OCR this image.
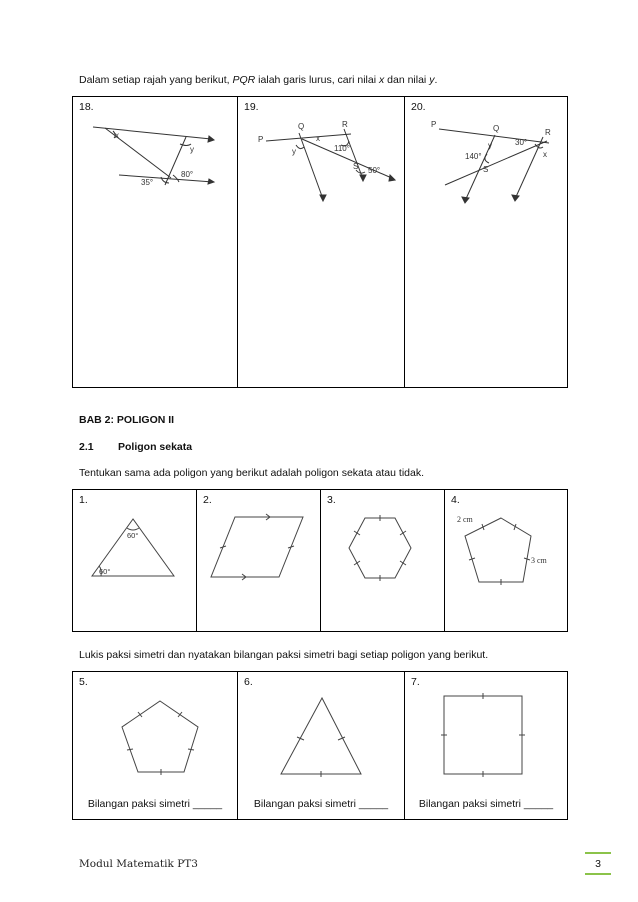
Dalam setiap rajah yang berikut, PQR ialah garis lurus, cari nilai x dan nilai y.
18.
x
y
35°
80°

19.
P
Q	R
S
x
y	110°
50°

20.
P	Q	R
S
x
y
140°
30°
BAB 2: POLIGON II
2.1 Poligon sekata
Tentukan sama ada poligon yang berikut adalah poligon sekata atau tidak.
1.
60°
60°

2.	3.	4.
2 cm
3 cm
Lukis paksi simetri dan nyatakan bilangan paksi simetri bagi setiap poligon yang berikut.
5.
Bilangan paksi simetri _____

6.
Bilangan paksi simetri _____

7.
Bilangan paksi simetri _____
Modul Matematik PT3	3
